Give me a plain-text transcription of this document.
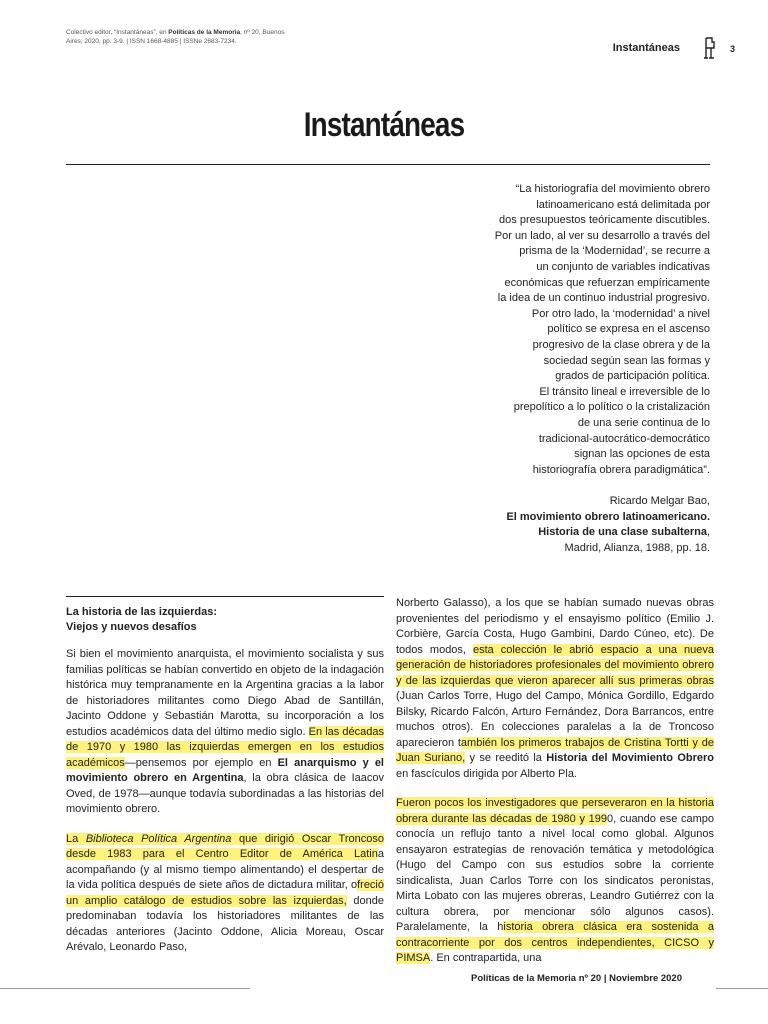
Colectivo editor, “Instantáneas”, en Políticas de la Memoria, nº 20, Buenos Aires, 2020, pp. 3-9. | ISSN 1668-4885 | ISSNe 2683-7234.
Instantáneas	3
Instantáneas
“La historiografía del movimiento obrero
latinoamericano está delimitada por
dos presupuestos teóricamente discutibles.
Por un lado, al ver su desarrollo a través del
prisma de la ‘Modernidad’, se recurre a
un conjunto de variables indicativas
económicas que refuerzan empíricamente
la idea de un continuo industrial progresivo.
Por otro lado, la ‘modernidad’ a nivel
político se expresa en el ascenso
progresivo de la clase obrera y de la
sociedad según sean las formas y
grados de participación política.
El tránsito lineal e irreversible de lo
prepolítico a lo político o la cristalización
de una serie continua de lo
tradicional-autocrático-democrático
signan las opciones de esta
historiografía obrera paradigmática”.
Ricardo Melgar Bao,
El movimiento obrero latinoamericano.
Historia de una clase subalterna,
Madrid, Alianza, 1988, pp. 18.
La historia de las izquierdas:
Viejos y nuevos desafíos

Si bien el movimiento anarquista, el movimiento socialista y sus familias políticas se habían convertido en objeto de la indagación histórica muy tempranamente en la Argentina gracias a la labor de historiadores militantes como Diego Abad de Santillán, Jacinto Oddone y Sebastián Marotta, su incorporación a los estudios académicos data del último medio siglo. En las décadas de 1970 y 1980 las izquierdas emergen en los estudios académicos—pensemos por ejemplo en El anarquismo y el movimiento obrero en Argentina, la obra clásica de Iaacov Oved, de 1978—aunque todavía subordinadas a las historias del movimiento obrero.

La Biblioteca Política Argentina que dirigió Oscar Troncoso desde 1983 para el Centro Editor de América Latina acompañando (y al mismo tiempo alimentando) el despertar de la vida política después de siete años de dictadura militar, ofreció un amplio catálogo de estudios sobre las izquierdas, donde predominaban todavía los historiadores militantes de las décadas anteriores (Jacinto Oddone, Alicia Moreau, Oscar Arévalo, Leonardo Paso,

Norberto Galasso), a los que se habían sumado nuevas obras provenientes del periodismo y el ensayismo político (Emilio J. Corbière, García Costa, Hugo Gambini, Dardo Cúneo, etc). De todos modos, esta colección le abrió espacio a una nueva generación de historiadores profesionales del movimiento obrero y de las izquierdas que vieron aparecer allí sus primeras obras (Juan Carlos Torre, Hugo del Campo, Mónica Gordillo, Edgardo Bilsky, Ricardo Falcón, Arturo Fernández, Dora Barrancos, entre muchos otros). En colecciones paralelas a la de Troncoso aparecieron también los primeros trabajos de Cristina Tortti y de Juan Suriano, y se reeditó la Historia del Movimiento Obrero en fascículos dirigida por Alberto Pla.

Fueron pocos los investigadores que perseveraron en la historia obrera durante las décadas de 1980 y 1990, cuando ese campo conocía un reflujo tanto a nivel local como global. Algunos ensayaron estrategias de renovación temática y metodológica (Hugo del Campo con sus estudios sobre la corriente sindicalista, Juan Carlos Torre con los sindicatos peronistas, Mirta Lobato con las mujeres obreras, Leandro Gutiérrez con la cultura obrera, por mencionar sólo algunos casos). Paralelamente, la historia obrera clásica era sostenida a contracorriente por dos centros independientes, CICSO y PIMSA. En contrapartida, una

Políticas de la Memoria nº 20 | Noviembre 2020
